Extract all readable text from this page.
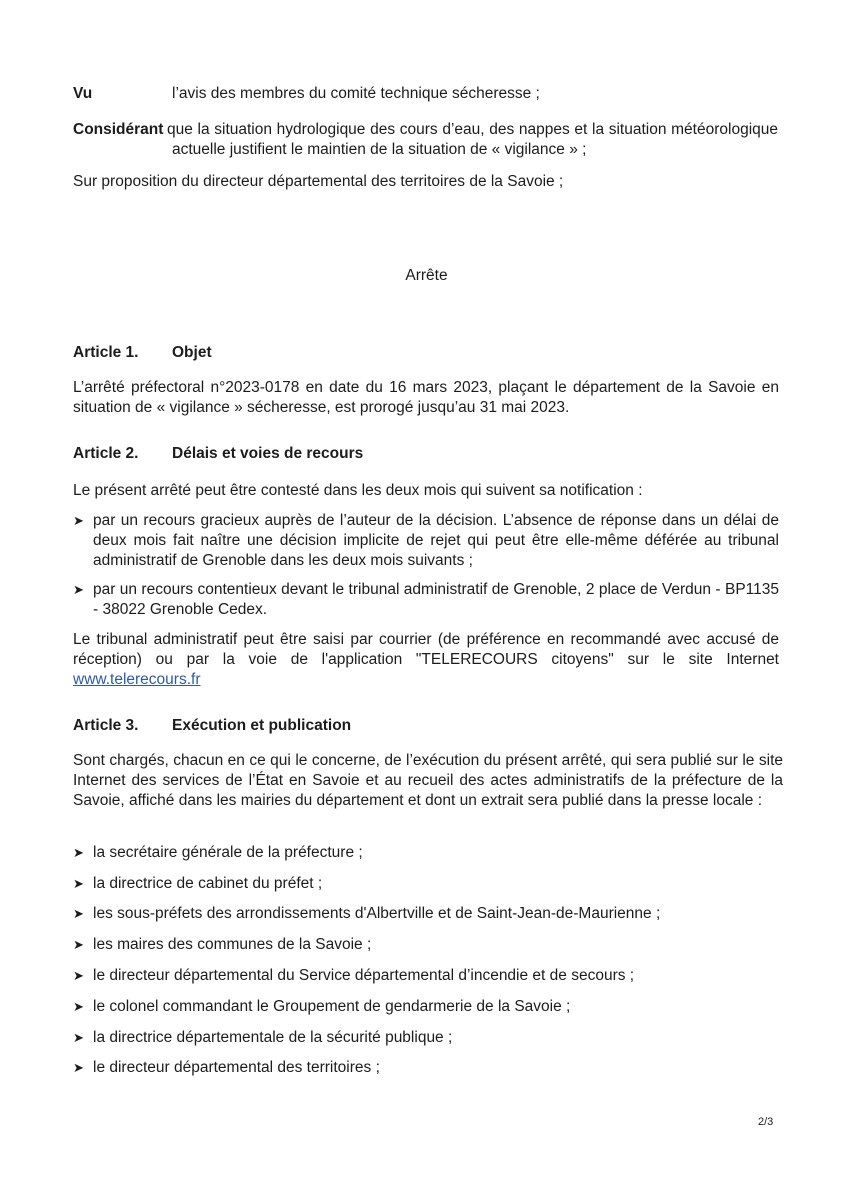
Vu	l’avis des membres du comité technique sécheresse ;
Considérant que la situation hydrologique des cours d’eau, des nappes et la situation météorologique actuelle justifient le maintien de la situation de « vigilance » ;
Sur proposition du directeur départemental des territoires de la Savoie ;
Arrête
Article 1. Objet
L’arrêté préfectoral n°2023-0178 en date du 16 mars 2023, plaçant le département de la Savoie en situation de « vigilance » sécheresse, est prorogé jusqu’au 31 mai 2023.
Article 2. Délais et voies de recours
Le présent arrêté peut être contesté dans les deux mois qui suivent sa notification :
➤ par un recours gracieux auprès de l’auteur de la décision. L’absence de réponse dans un délai de deux mois fait naître une décision implicite de rejet qui peut être elle-même déférée au tribunal administratif de Grenoble dans les deux mois suivants ;
➤ par un recours contentieux devant le tribunal administratif de Grenoble, 2 place de Verdun - BP1135 - 38022 Grenoble Cedex.
Le tribunal administratif peut être saisi par courrier (de préférence en recommandé avec accusé de réception) ou par la voie de l'application "TELERECOURS citoyens" sur le site Internet www.telerecours.fr
Article 3. Exécution et publication
Sont chargés, chacun en ce qui le concerne, de l’exécution du présent arrêté, qui sera publié sur le site Internet des services de l’État en Savoie et au recueil des actes administratifs de la préfecture de la Savoie, affiché dans les mairies du département et dont un extrait sera publié dans la presse locale :
➤ la secrétaire générale de la préfecture ;
➤ la directrice de cabinet du préfet ;
➤ les sous-préfets des arrondissements d'Albertville et de Saint-Jean-de-Maurienne ;
➤ les maires des communes de la Savoie ;
➤ le directeur départemental du Service départemental d’incendie et de secours ;
➤ le colonel commandant le Groupement de gendarmerie de la Savoie ;
➤ la directrice départementale de la sécurité publique ;
➤ le directeur départemental des territoires ;
2/3
